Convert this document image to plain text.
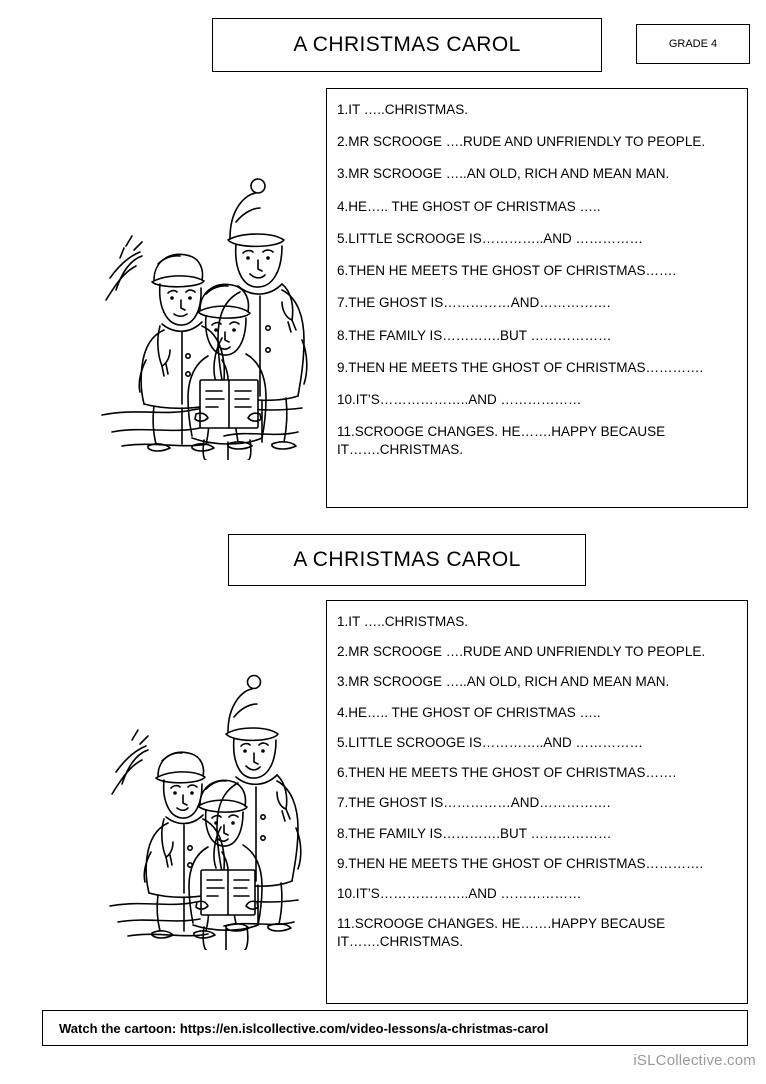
A CHRISTMAS CAROL	GRADE 4

1.IT …..CHRISTMAS.

2.MR SCROOGE ….RUDE AND UNFRIENDLY TO PEOPLE.

3.MR SCROOGE …..AN OLD, RICH AND MEAN MAN.

4.HE….. THE GHOST OF CHRISTMAS …..

5.LITTLE SCROOGE IS…………..AND ……………

6.THEN HE MEETS THE GHOST OF CHRISTMAS…….

7.THE GHOST IS……………AND…………….

8.THE FAMILY IS………….BUT ………………

9.THEN HE MEETS THE GHOST OF CHRISTMAS………….

10.IT’S………………..AND ………………

11.SCROOGE CHANGES. HE…….HAPPY BECAUSE IT…….CHRISTMAS.

A CHRISTMAS CAROL

1.IT …..CHRISTMAS.

2.MR SCROOGE ….RUDE AND UNFRIENDLY TO PEOPLE.

3.MR SCROOGE …..AN OLD, RICH AND MEAN MAN.

4.HE….. THE GHOST OF CHRISTMAS …..

5.LITTLE SCROOGE IS…………..AND ……………

6.THEN HE MEETS THE GHOST OF CHRISTMAS…….

7.THE GHOST IS……………AND…………….

8.THE FAMILY IS………….BUT ………………

9.THEN HE MEETS THE GHOST OF CHRISTMAS………….

10.IT’S………………..AND ………………

11.SCROOGE CHANGES. HE…….HAPPY BECAUSE IT…….CHRISTMAS.

Watch the cartoon: https://en.islcollective.com/video-lessons/a-christmas-carol
iSLCollective.com
